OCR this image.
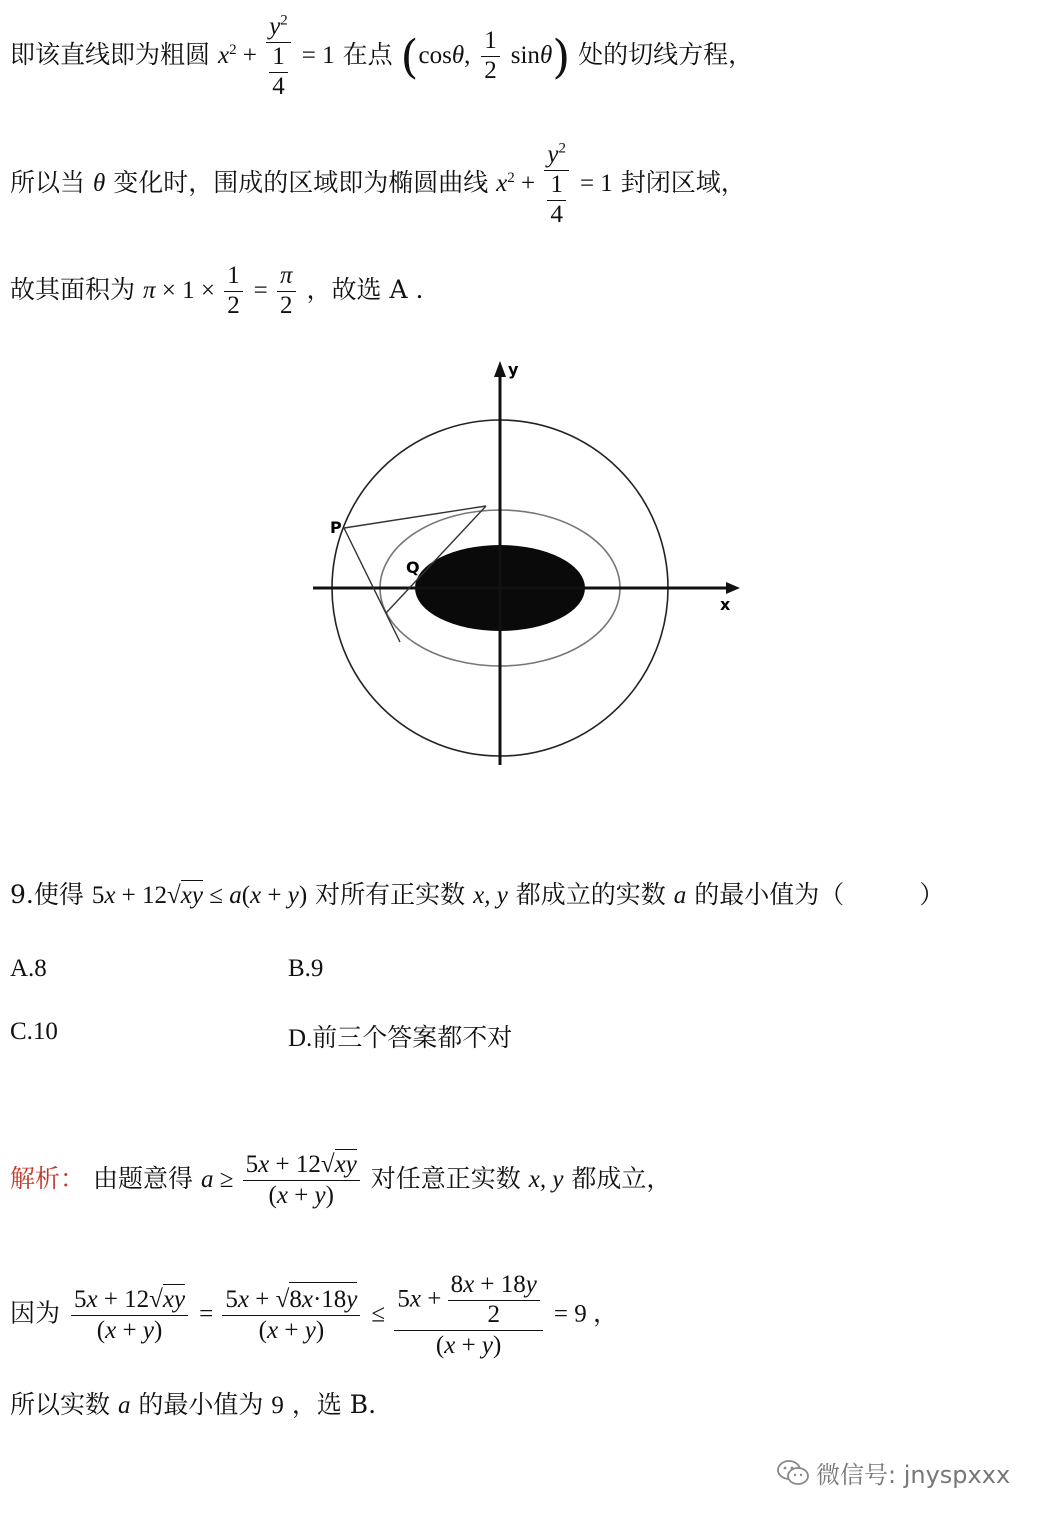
即该直线即为粗圆 $x^2 + \frac{y^2}{\frac{1}{4}} = 1$ 在点 (cosθ, $\frac{1}{2} \sin\theta$) 处的切线方程，
所以当 θ 变化时，围成的区域即为椭圆曲线 $x^2 + \frac{y^2}{\frac{1}{4}} = 1$ 封闭区域，
故其面积为 $\pi \times 1 \times \frac{1}{2} = \frac{\pi}{2}$ ，故选 A .
y
x
P
Q
9.使得 5x + 12√xy ≤ a(x + y) 对所有正实数 x, y 都成立的实数 a 的最小值为（　　　）
A.8	B.9
C.10	D.前三个答案都不对
解析： 由题意得 $a \ge \frac{5x + 12√xy}{(x + y)}$ 对任意正实数 x, y 都成立，
因为 $\frac{5x + 12√xy}{(x + y)} = \frac{5x + √8x\cdot 18y}{(x + y)} \le \frac{5x + \frac{8x + 18y}{2}}{(x + y)} = 9$ ，
所以实数 a 的最小值为 9 ，选 B.
微信号: jnyspxxx
